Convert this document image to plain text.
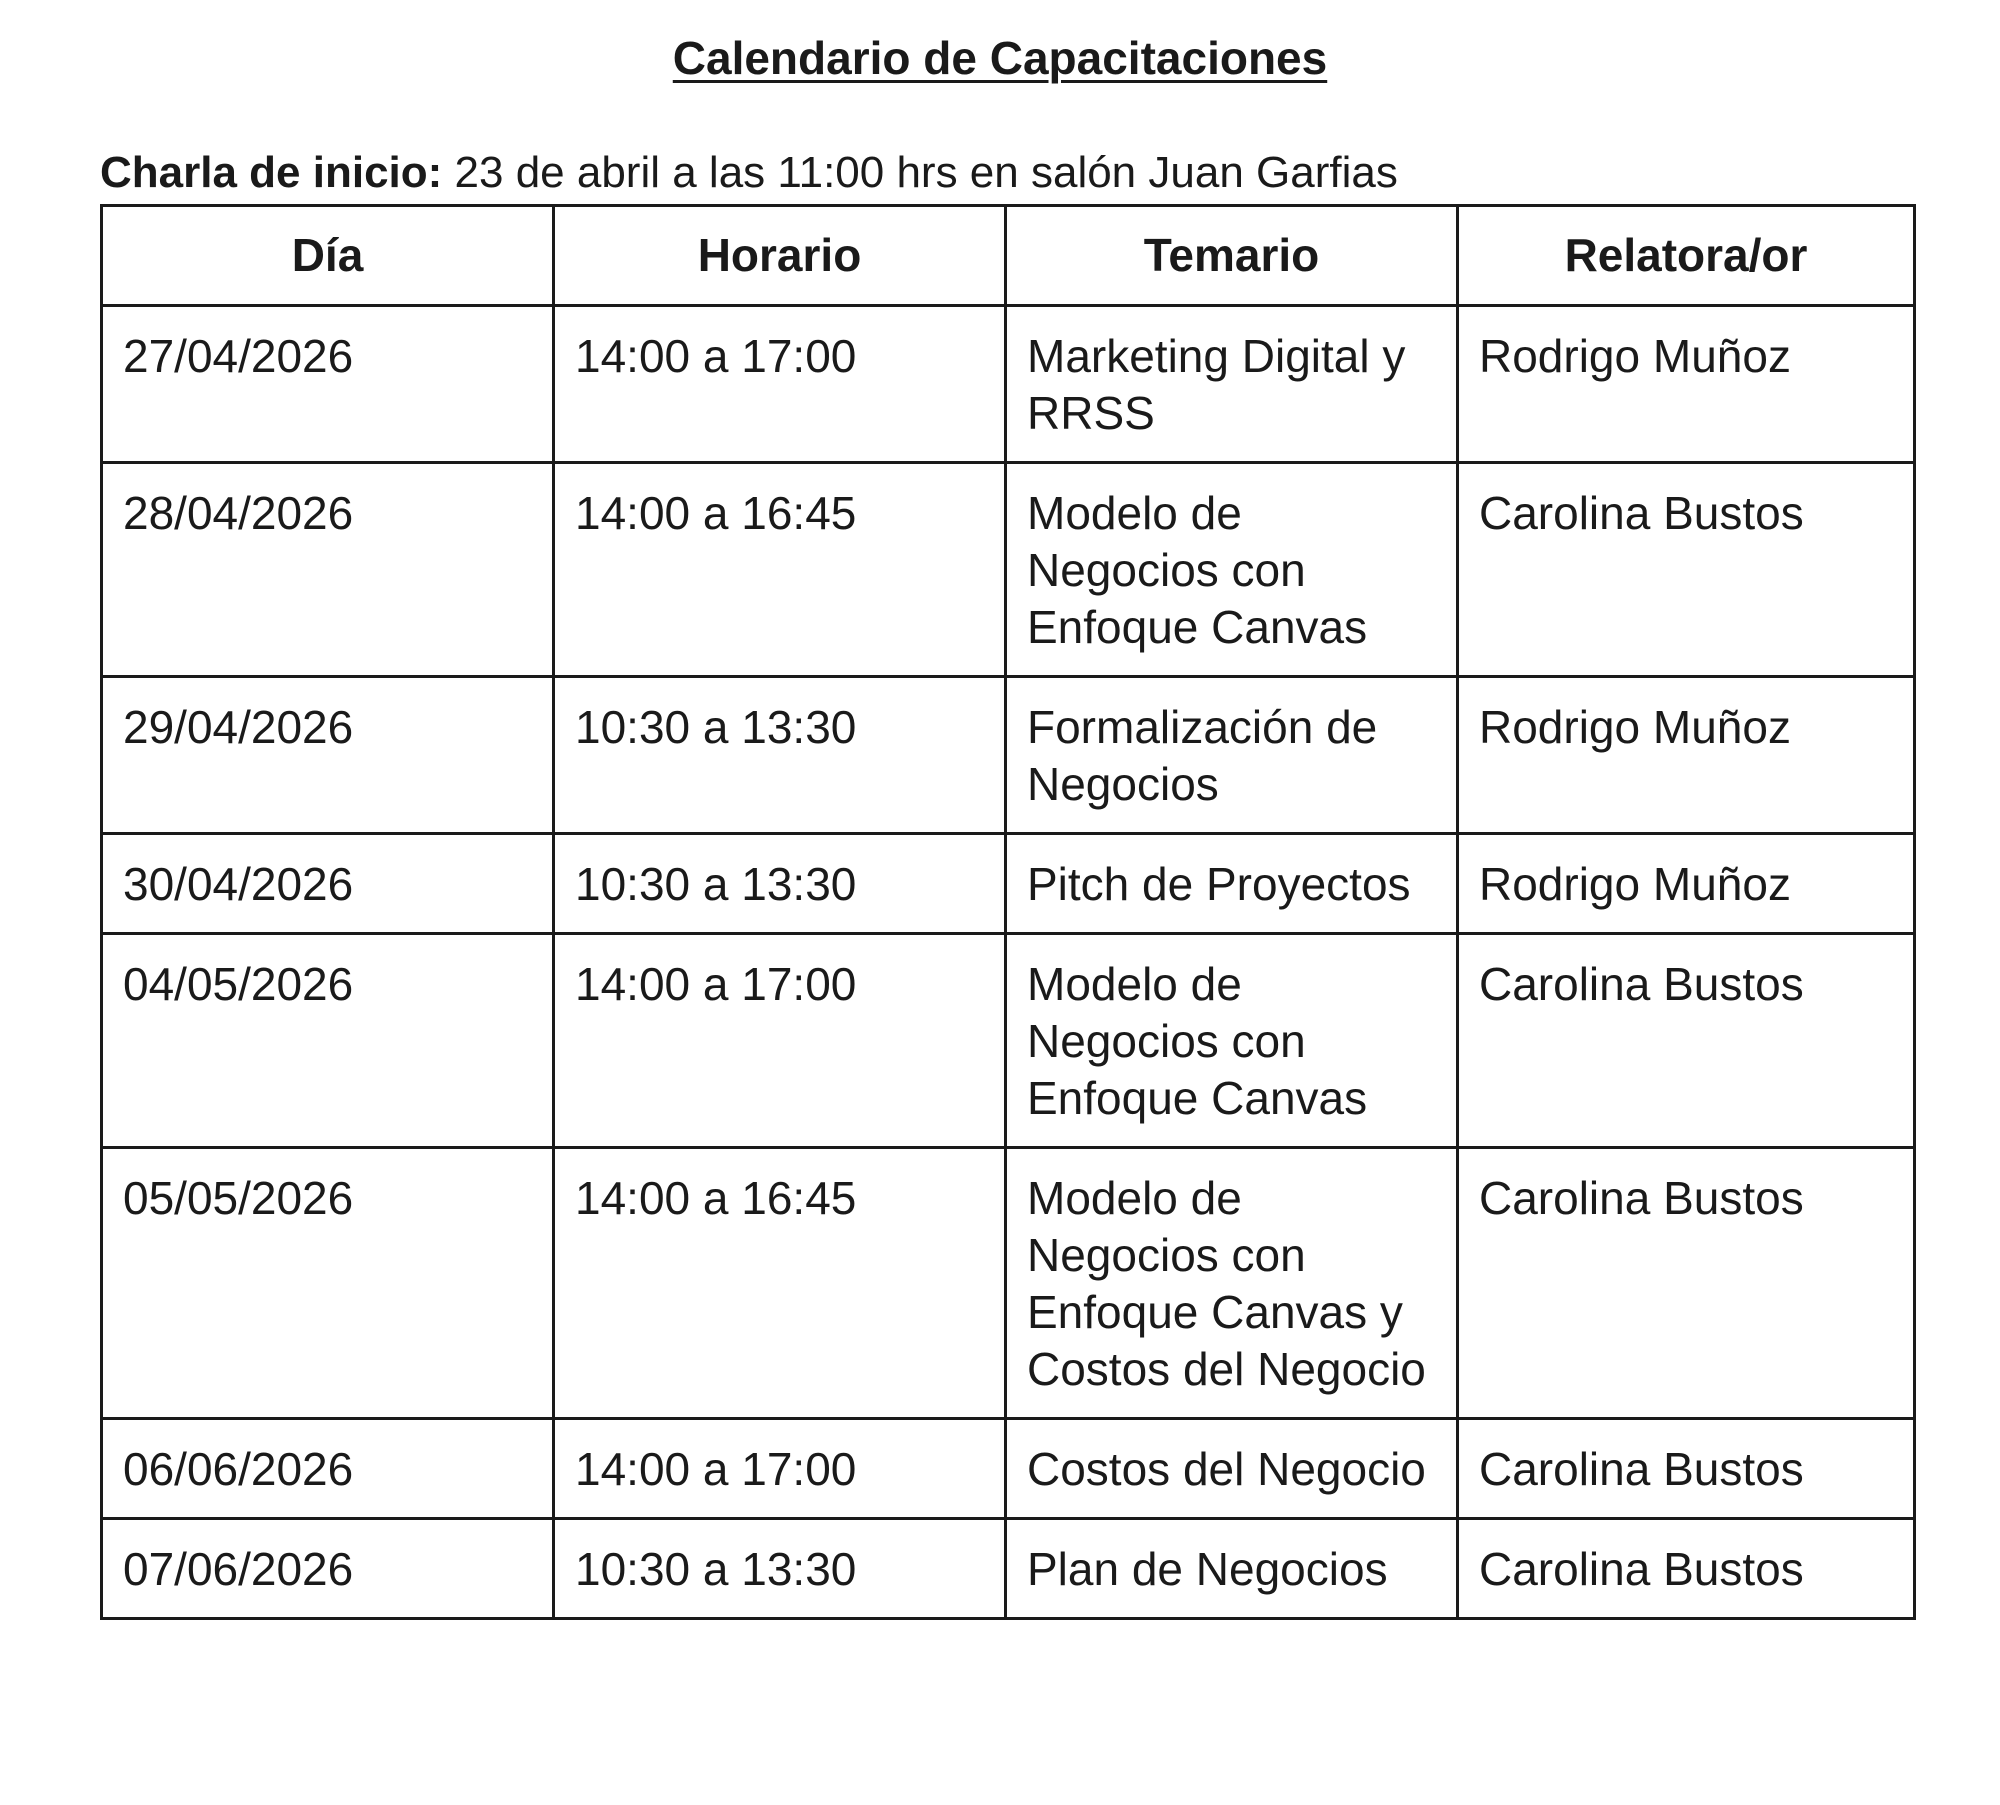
Calendario de Capacitaciones
Charla de inicio: 23 de abril a las 11:00 hrs en salón Juan Garfias
Día	Horario	Temario	Relatora/or
27/04/2026	14:00 a 17:00	Marketing Digital y RRSS	Rodrigo Muñoz
28/04/2026	14:00 a 16:45	Modelo de Negocios con Enfoque Canvas	Carolina Bustos
29/04/2026	10:30 a 13:30	Formalización de Negocios	Rodrigo Muñoz
30/04/2026	10:30 a 13:30	Pitch de Proyectos	Rodrigo Muñoz
04/05/2026	14:00 a 17:00	Modelo de Negocios con Enfoque Canvas	Carolina Bustos
05/05/2026	14:00 a 16:45	Modelo de Negocios con Enfoque Canvas y Costos del Negocio	Carolina Bustos
06/06/2026	14:00 a 17:00	Costos del Negocio	Carolina Bustos
07/06/2026	10:30 a 13:30	Plan de Negocios	Carolina Bustos
